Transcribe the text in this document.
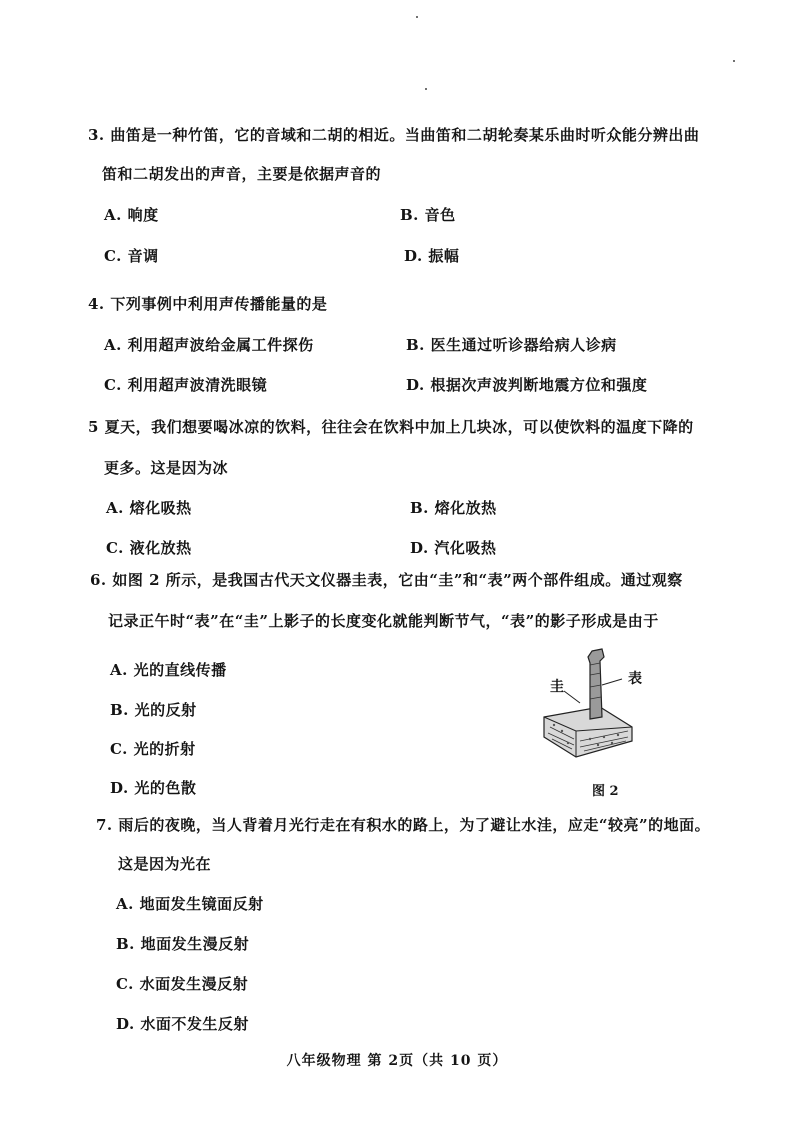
3. 曲笛是一种竹笛，它的音域和二胡的相近。当曲笛和二胡轮奏某乐曲时听众能分辨出曲
笛和二胡发出的声音，主要是依据声音的
A. 响度	B. 音色
C. 音调	D. 振幅
4. 下列事例中利用声传播能量的是
A. 利用超声波给金属工件探伤	B. 医生通过听诊器给病人诊病
C. 利用超声波清洗眼镜	D. 根据次声波判断地震方位和强度
5 夏天，我们想要喝冰凉的饮料，往往会在饮料中加上几块冰，可以使饮料的温度下降的
更多。这是因为冰
A. 熔化吸热	B. 熔化放热
C. 液化放热	D. 汽化吸热
6. 如图 2 所示，是我国古代天文仪器圭表，它由“圭”和“表”两个部件组成。通过观察
记录正午时“表”在“圭”上影子的长度变化就能判断节气，“表”的影子形成是由于
A. 光的直线传播
B. 光的反射
C. 光的折射
D. 光的色散
圭	表
图 2
7. 雨后的夜晚，当人背着月光行走在有积水的路上，为了避让水洼，应走“较亮”的地面。
这是因为光在
A. 地面发生镜面反射
B. 地面发生漫反射
C. 水面发生漫反射
D. 水面不发生反射
八年级物理 第 2页（共 10 页）
